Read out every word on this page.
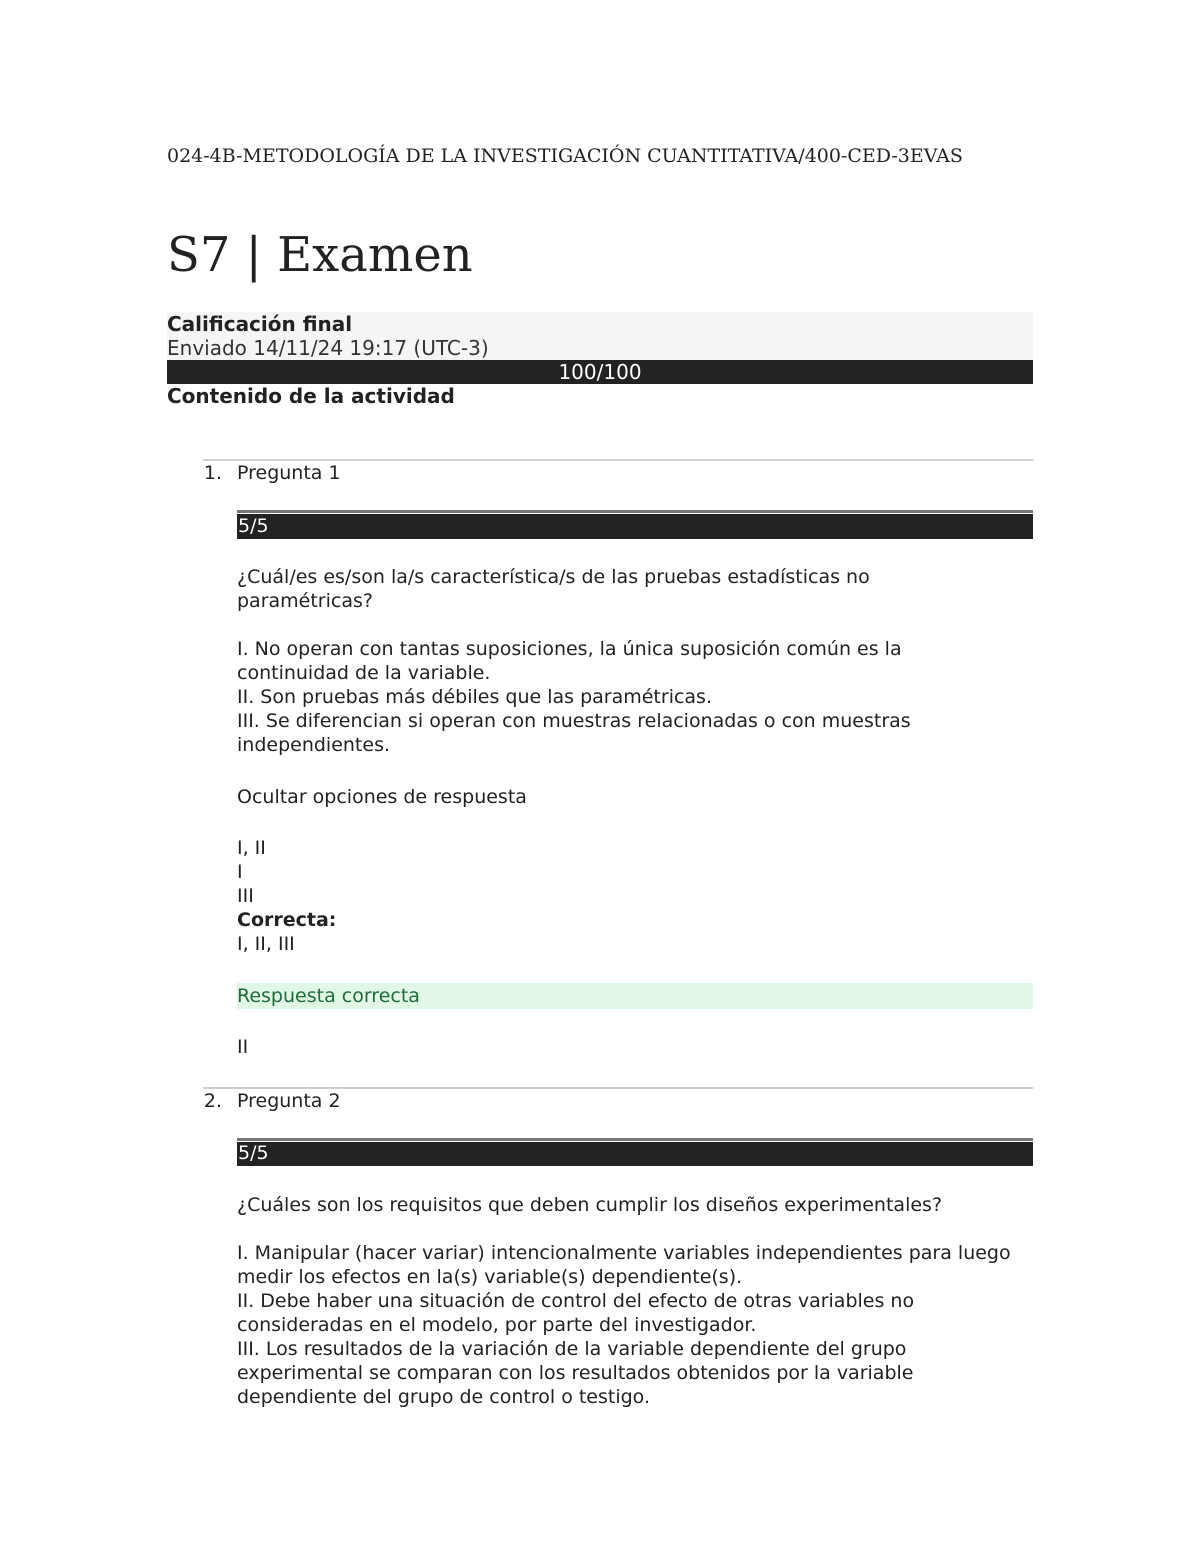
024-4B-METODOLOGÍA DE LA INVESTIGACIÓN CUANTITATIVA/400-CED-3EVAS
S7 | Examen
Calificación final
Enviado 14/11/24 19:17 (UTC-3)
100/100
Contenido de la actividad
1. Pregunta 1
5/5
¿Cuál/es es/son la/s característica/s de las pruebas estadísticas no paramétricas?
I. No operan con tantas suposiciones, la única suposición común es la continuidad de la variable.
II. Son pruebas más débiles que las paramétricas.
III. Se diferencian si operan con muestras relacionadas o con muestras independientes.
Ocultar opciones de respuesta
I, II
I
III
Correcta:
I, II, III
Respuesta correcta
II
2. Pregunta 2
5/5
¿Cuáles son los requisitos que deben cumplir los diseños experimentales?
I. Manipular (hacer variar) intencionalmente variables independientes para luego medir los efectos en la(s) variable(s) dependiente(s).
II. Debe haber una situación de control del efecto de otras variables no consideradas en el modelo, por parte del investigador.
III. Los resultados de la variación de la variable dependiente del grupo experimental se comparan con los resultados obtenidos por la variable dependiente del grupo de control o testigo.
